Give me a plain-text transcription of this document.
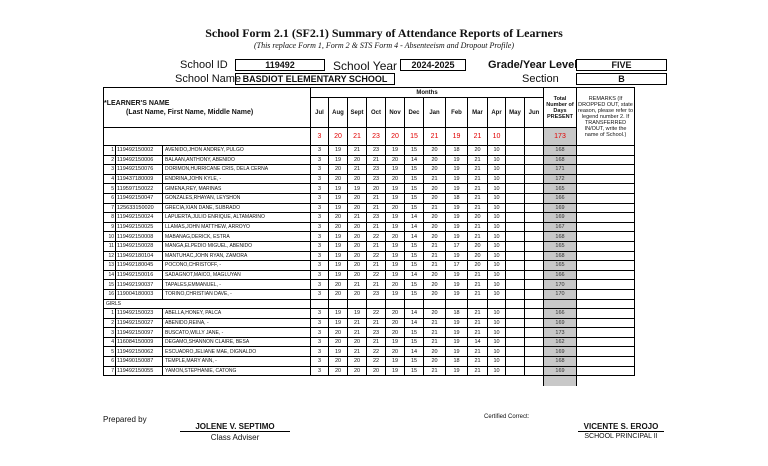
School Form 2.1 (SF2.1) Summary of Attendance Reports of Learners
(This replace Form 1, Form 2 & STS Form 4 - Absenteeism and Dropout Profile)
School ID	119492	School Year	2024-2025	Grade/Year Level	FIVE
School Name BASDIOT ELEMENTARY SCHOOL	Section	B
*LEARNER'S NAME
(Last Name, First Name, Middle Name)			Months												Total Number of Days PRESENT	REMARKS (If DROPPED OUT, state reason, please refer to legend number 2. If TRANSFERRED IN/OUT, write the name of School.)
			Jul	Aug	Sept	Oct	Nov	Dec	Jan	Feb	Mar	Apr	May	Jun		
			3	20	21	23	20	15	21	19	21	10			173	
1	119492150002	AVENIDO,JHON ANDREY, PULGO	3	19	21	23	19	15	20	18	20	10			168	
2	119492150006	BALAAN,ANTHONY, ABENIDO	3	19	20	21	20	14	20	19	21	10			168	
3	119492150076	DORIMON,HURRICANE CRIS, DELA CERNA	3	20	21	23	19	15	20	19	21	10			171	
4	119437180009	ENDRINA,JOHN KYLE, -	3	20	20	23	20	15	21	19	21	10			172	
5	119597150022	GIMENA,REY, MARINAS	3	19	19	20	19	15	20	19	21	10			165	
6	119492150047	GONZALES,RHAYAN, LEYSHON	3	19	20	21	19	15	20	18	21	10			166	
7	125633150020	GRECIA,XIAN DANE, SUBRADO	3	19	20	21	20	15	21	19	21	10			169	
8	119492150024	LAPUERTA,JULIO ENRIQUE, ALTAMARINO	3	20	21	23	19	14	20	19	20	10			169	
9	119492150025	LLAMAS,JOHN MATTHEW, ARROYO	3	20	20	21	19	14	20	19	21	10			167	
10	119492150008	MABANAG,DERICK, ESTRA	3	19	20	22	20	14	20	19	21	10			168	
11	119492150028	MANGA,ELPEDIO MIGUEL, ABENIDO	3	19	20	21	19	15	21	17	20	10			165	
12	119492180104	MANTUHAC,JOHN RYAN, ZAMORA	3	19	20	22	19	15	21	19	20	10			168	
13	119492180045	POCONO,CHRISTOFF, -	3	19	20	21	19	15	21	17	20	10			165	
14	119492150016	SADAGNOT,MAICO, MAGLUYAN	3	19	20	22	19	14	20	19	21	10			166	
15	119492190037	TAPALES,EMMANUEL, -	3	20	21	21	20	15	20	19	21	10			170	
16	119004180003	TORINO,CHRISTIAN DAVE, -	3	20	20	23	19	15	20	19	21	10			170	
GIRLS																
1	119492150023	ABELLA,HONEY, PALCA	3	19	19	22	20	14	20	18	21	10			166	
2	119492150027	ABENIDO,REINA, -	3	19	21	21	20	14	21	19	21	10			169	
3	119492150097	BUSCATO,WILLY JANE, -	3	20	21	23	20	15	21	19	21	10			173	
4	116084150009	DEGAMO,SHANNON CLAIRE, BESA	3	20	20	21	19	15	21	19	14	10			162	
5	119492150062	ESCUADRO,JELIANE MAE, DIGNALDO	3	19	21	22	20	14	20	19	21	10			169	
6	119490150087	TEMPLE,MARY ANN, -	3	20	20	22	19	15	20	18	21	10			168	
7	119492150055	YAMON,STEPHANIE, CATONG	3	20	20	20	19	15	21	19	21	10			169	

Prepared by
JOLENE V. SEPTIMO
Class Adviser
Certified Correct:
VICENTE S. EROJO
SCHOOL PRINCIPAL II
